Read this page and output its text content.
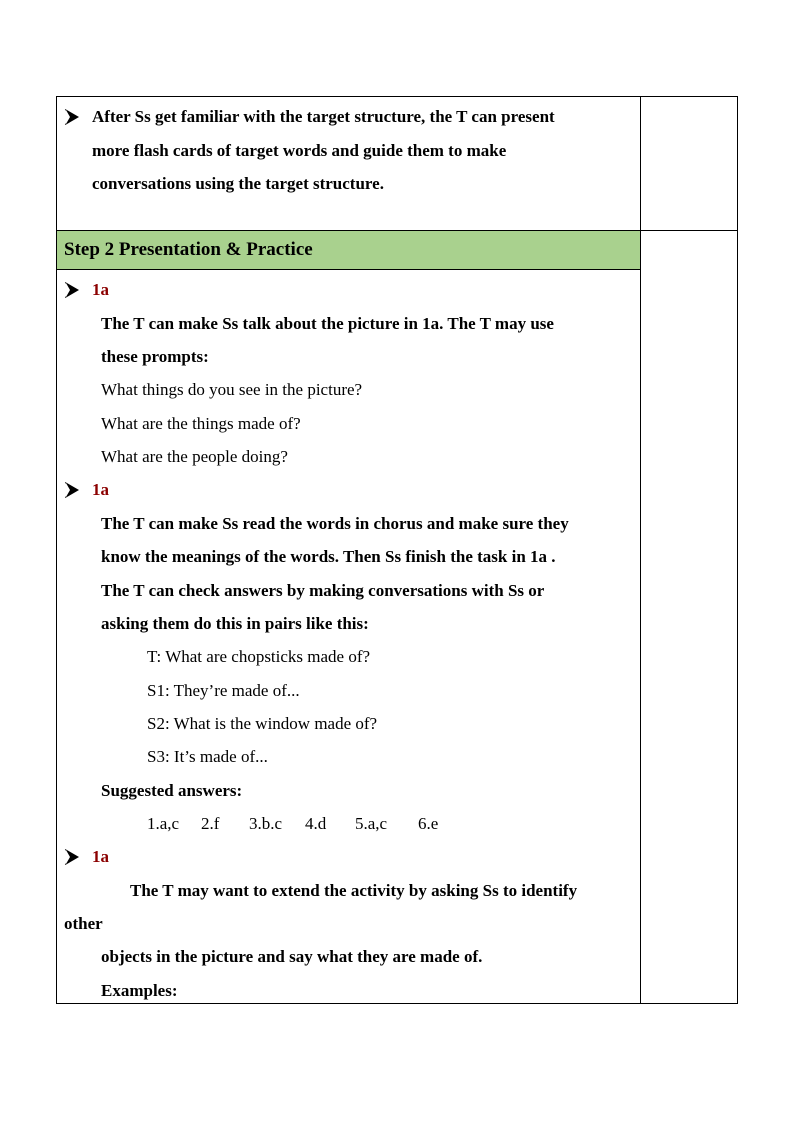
After Ss get familiar with the target structure, the T can present
more flash cards of target words and guide them to make
conversations using the target structure.
Step 2 Presentation & Practice
1a
The T can make Ss talk about the picture in 1a. The T may use
these prompts:
What things do you see in the picture?
What are the things made of?
What are the people doing?
1a
The T can make Ss read the words in chorus and make sure they
know the meanings of the words. Then Ss finish the task in 1a .
The T can check answers by making conversations with Ss or
asking them do this in pairs like this:
T: What are chopsticks made of?
S1: They’re made of...
S2: What is the window made of?
S3: It’s made of...
Suggested answers:
1.a,c 2.f 3.b.c 4.d 5.a,c 6.e
1a
The T may want to extend the activity by asking Ss to identify
other
objects in the picture and say what they are made of.
Examples:
